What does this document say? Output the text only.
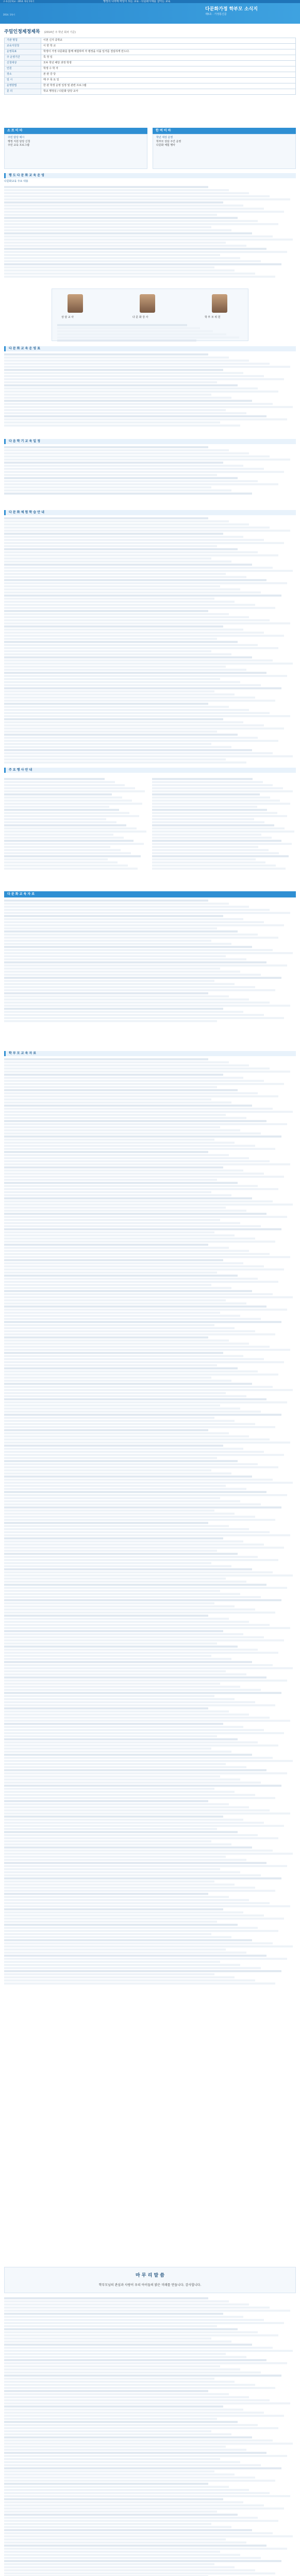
구·육성중학교 · 2014. 학년 1학기	행정의 나라에 바탕이 되는 교육 - 다문화시대를 살아는 교육
2014. 1학기
다문화가정 학부모 소식지
제5호 · 가정통신문
주밀인정제정제목 (2014년 주 학년 회차 기준)
기관 명칭	이천 신지 중학교
교육지원청	이 한 학 교
운영목표	학생이 가정 다문화를 함께 체험하며 자 평정을 이룰 일거를 결심하게 만드다.
주 운영기간	특 정 일
신청대상	모두 학년 해당 과정 학생
인원	학생 수 학 자
장소	본 관 강 당
일 시	매 주 목 요 일
운영방법	한 관 학생 운영 일정 및 관련 프로그램
문 의	학교 행정실 / 다문화 담당 교사
소 프 이 마
주민 담당 예시
행정 지원 담당 신청
주민 교육 프로그램
한 여 이 마
학년 대상 운영
학부모 상담 주간 운영
다문화 체험 행사
행 도 다 문 화 교 육 운 영
다문화교육 주요 내용
상 담 교 사	다 문 화 강 사	학 부 모 위 원
다 문 화 교 육 운 영 표
다 음 학 기 교 육 일 정
다 문 화 체 험 학 습 안 내
주 요 행 사 안 내
다 문 화 교 육 자 료
학 부 모 교 육 자 료
마 무 리 말 씀
학부모님의 관심과 사랑이 우리 아이들의 밝은 미래를 만듭니다. 감사합니다.
